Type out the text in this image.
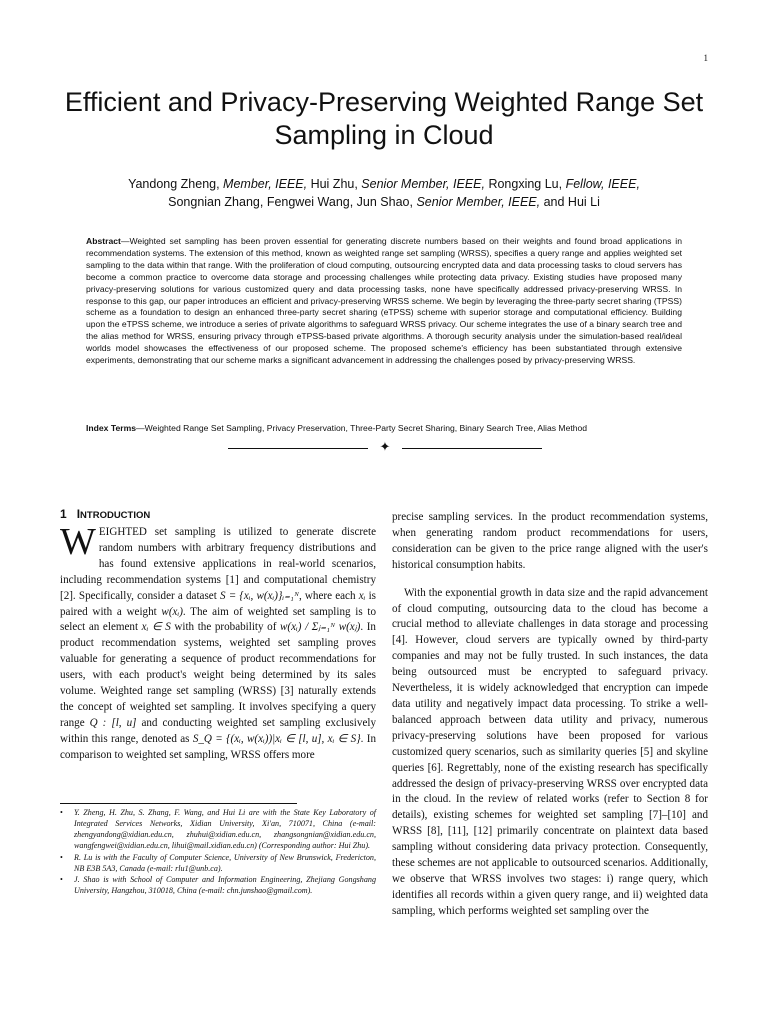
1
Efficient and Privacy-Preserving Weighted Range Set Sampling in Cloud
Yandong Zheng, Member, IEEE, Hui Zhu, Senior Member, IEEE, Rongxing Lu, Fellow, IEEE,
Songnian Zhang, Fengwei Wang, Jun Shao, Senior Member, IEEE, and Hui Li
Abstract—Weighted set sampling has been proven essential for generating discrete numbers based on their weights and found broad applications in recommendation systems. The extension of this method, known as weighted range set sampling (WRSS), specifies a query range and applies weighted set sampling to the data within that range. With the proliferation of cloud computing, outsourcing encrypted data and data processing tasks to cloud servers has become a common practice to overcome data storage and processing challenges while protecting data privacy. Existing studies have proposed many privacy-preserving solutions for various customized query and data processing tasks, none have specifically addressed privacy-preserving WRSS. In response to this gap, our paper introduces an efficient and privacy-preserving WRSS scheme. We begin by leveraging the three-party secret sharing (TPSS) scheme as a foundation to design an enhanced three-party secret sharing (eTPSS) scheme with superior storage and computational efficiency. Building upon the eTPSS scheme, we introduce a series of private algorithms to safeguard WRSS privacy. Our scheme integrates the use of a binary search tree and the alias method for WRSS, ensuring privacy through eTPSS-based private algorithms. A thorough security analysis under the simulation-based real/ideal worlds model showcases the effectiveness of our proposed scheme. The proposed scheme's efficiency has been substantiated through extensive experiments, demonstrating that our scheme marks a significant advancement in addressing the challenges posed by privacy-preserving WRSS.
Index Terms—Weighted Range Set Sampling, Privacy Preservation, Three-Party Secret Sharing, Binary Search Tree, Alias Method
✦
1 INTRODUCTION

WEIGHTED set sampling is utilized to generate discrete random numbers with arbitrary frequency distributions and has found extensive applications in real-world scenarios, including recommendation systems [1] and computational chemistry [2]. Specifically, consider a dataset S = {xᵢ, w(xᵢ)}ᵢ₌₁ᴺ, where each xᵢ is paired with a weight w(xᵢ). The aim of weighted set sampling is to select an element xᵢ ∈ S with the probability of w(xᵢ) / Σⱼ₌₁ᴺ w(xⱼ). In product recommendation systems, weighted set sampling proves valuable for generating a sequence of product recommendations for users, with each product's weight being determined by its sales volume. Weighted range set sampling (WRSS) [3] naturally extends the concept of weighted set sampling. It involves specifying a query range Q : [l, u] and conducting weighted set sampling exclusively within this range, denoted as S_Q = {(xᵢ, w(xᵢ))|xᵢ ∈ [l, u], xᵢ ∈ S}. In comparison to weighted set sampling, WRSS offers more

• Y. Zheng, H. Zhu, S. Zhang, F. Wang, and Hui Li are with the State Key Laboratory of Integrated Services Networks, Xidian University, Xi'an, 710071, China (e-mail: zhengyandong@xidian.edu.cn, zhuhui@xidian.edu.cn, zhangsongnian@xidian.edu.cn, wangfengwei@xidian.edu.cn, lihui@mail.xidian.edu.cn) (Corresponding author: Hui Zhu).
• R. Lu is with the Faculty of Computer Science, University of New Brunswick, Fredericton, NB E3B 5A3, Canada (e-mail: rlu1@unb.ca).
• J. Shao is with School of Computer and Information Engineering, Zhejiang Gongshang University, Hangzhou, 310018, China (e-mail: chn.junshao@gmail.com).

precise sampling services. In the product recommendation systems, when generating random product recommendations for users, consideration can be given to the price range aligned with the user's historical consumption habits.

With the exponential growth in data size and the rapid advancement of cloud computing, outsourcing data to the cloud has become a crucial method to alleviate challenges in data storage and processing [4]. However, cloud servers are typically owned by third-party companies and may not be fully trusted. In such instances, the data being outsourced must be encrypted to safeguard privacy. Nevertheless, it is widely acknowledged that encryption can impede data utility and negatively impact data processing. To strike a well-balanced approach between data utility and privacy, numerous privacy-preserving solutions have been proposed for various customized query scenarios, such as similarity queries [5] and skyline queries [6]. Regrettably, none of the existing research has specifically addressed the design of privacy-preserving WRSS over encrypted data in the cloud. In the review of related works (refer to Section 8 for details), existing schemes for weighted set sampling [7]–[10] and WRSS [8], [11], [12] primarily concentrate on plaintext data based sampling without considering data privacy protection. Consequently, these schemes are not applicable to outsourced scenarios. Additionally, we observe that WRSS involves two stages: i) range query, which identifies all records within a given query range, and ii) weighted data sampling, which performs weighted set sampling over the
